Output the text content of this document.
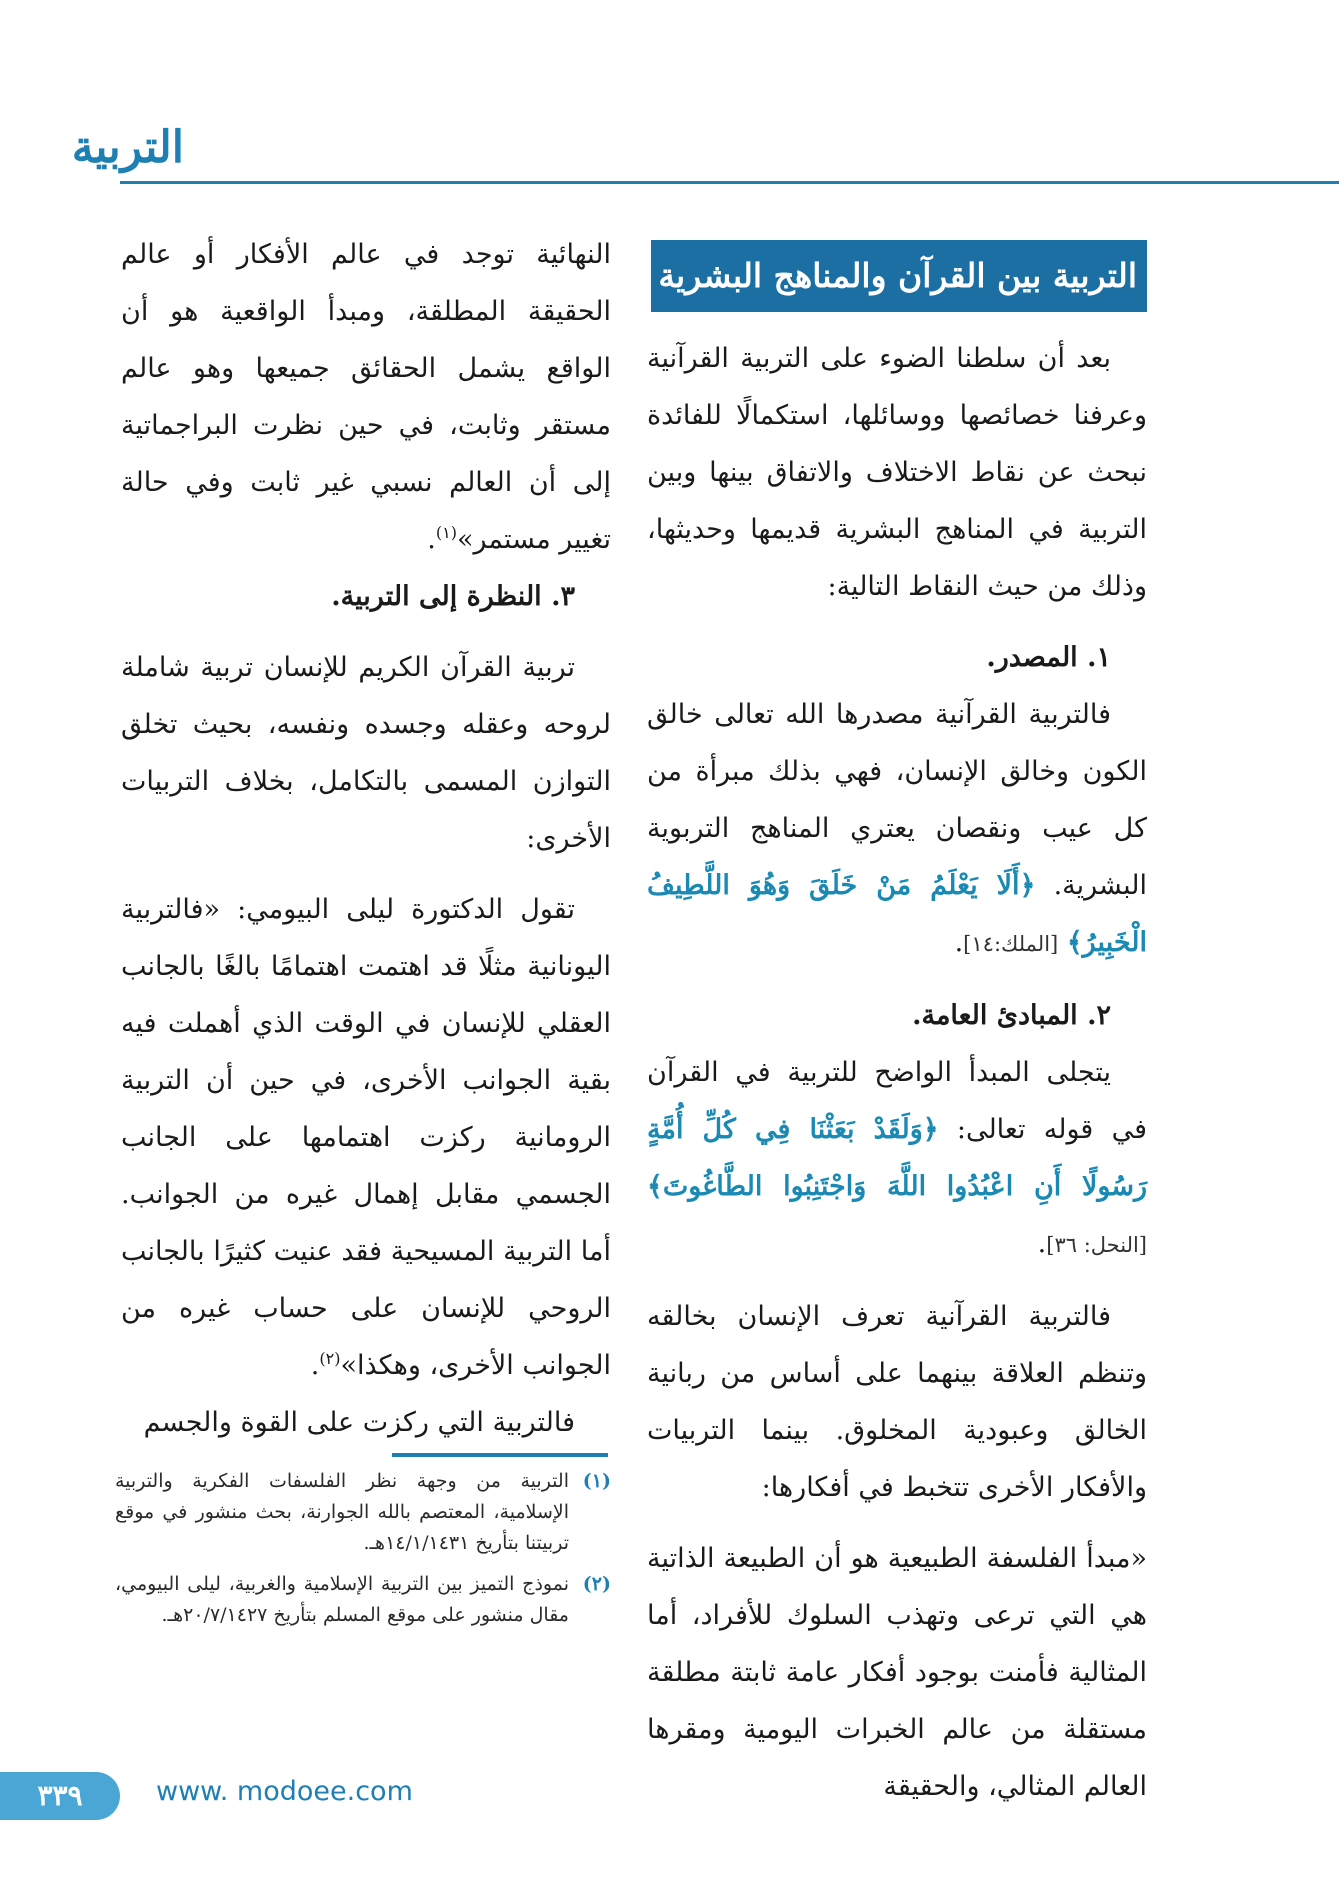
التربية
التربية بين القرآن والمناهج البشرية

بعد أن سلطنا الضوء على التربية القرآنية وعرفنا خصائصها ووسائلها، استكمالًا للفائدة نبحث عن نقاط الاختلاف والاتفاق بينها وبين التربية في المناهج البشرية قديمها وحديثها، وذلك من حيث النقاط التالية:

١. المصدر.

فالتربية القرآنية مصدرها الله تعالى خالق الكون وخالق الإنسان، فهي بذلك مبرأة من كل عيب ونقصان يعتري المناهج التربوية البشرية. ﴿أَلَا يَعْلَمُ مَنْ خَلَقَ وَهُوَ اللَّطِيفُ الْخَبِيرُ﴾ [الملك:١٤].

٢. المبادئ العامة.

يتجلى المبدأ الواضح للتربية في القرآن في قوله تعالى: ﴿وَلَقَدْ بَعَثْنَا فِي كُلِّ أُمَّةٍ رَسُولًا أَنِ اعْبُدُوا اللَّهَ وَاجْتَنِبُوا الطَّاغُوتَ﴾ [النحل: ٣٦].

فالتربية القرآنية تعرف الإنسان بخالقه وتنظم العلاقة بينهما على أساس من ربانية الخالق وعبودية المخلوق. بينما التربيات والأفكار الأخرى تتخبط في أفكارها:

«مبدأ الفلسفة الطبيعية هو أن الطبيعة الذاتية هي التي ترعى وتهذب السلوك للأفراد، أما المثالية فأمنت بوجود أفكار عامة ثابتة مطلقة مستقلة من عالم الخبرات اليومية ومقرها العالم المثالي، والحقيقة

النهائية توجد في عالم الأفكار أو عالم الحقيقة المطلقة، ومبدأ الواقعية هو أن الواقع يشمل الحقائق جميعها وهو عالم مستقر وثابت، في حين نظرت البراجماتية إلى أن العالم نسبي غير ثابت وفي حالة تغيير مستمر»$^{(١)}$.

٣. النظرة إلى التربية.

تربية القرآن الكريم للإنسان تربية شاملة لروحه وعقله وجسده ونفسه، بحيث تخلق التوازن المسمى بالتكامل، بخلاف التربيات الأخرى:

تقول الدكتورة ليلى البيومي: «فالتربية اليونانية مثلًا قد اهتمت اهتمامًا بالغًا بالجانب العقلي للإنسان في الوقت الذي أهملت فيه بقية الجوانب الأخرى، في حين أن التربية الرومانية ركزت اهتمامها على الجانب الجسمي مقابل إهمال غيره من الجوانب. أما التربية المسيحية فقد عنيت كثيرًا بالجانب الروحي للإنسان على حساب غيره من الجوانب الأخرى، وهكذا»$^{(٢)}$.

فالتربية التي ركزت على القوة والجسم

(١)
التربية من وجهة نظر الفلسفات الفكرية والتربية الإسلامية، المعتصم بالله الجوارنة، بحث منشور في موقع تربيتنا بتأريخ ١٤/١/١٤٣١هـ.
(٢)
نموذج التميز بين التربية الإسلامية والغربية، ليلى البيومي، مقال منشور على موقع المسلم بتأريخ ٢٠/٧/١٤٢٧هـ.
٣٣٩	www. modoee.com
